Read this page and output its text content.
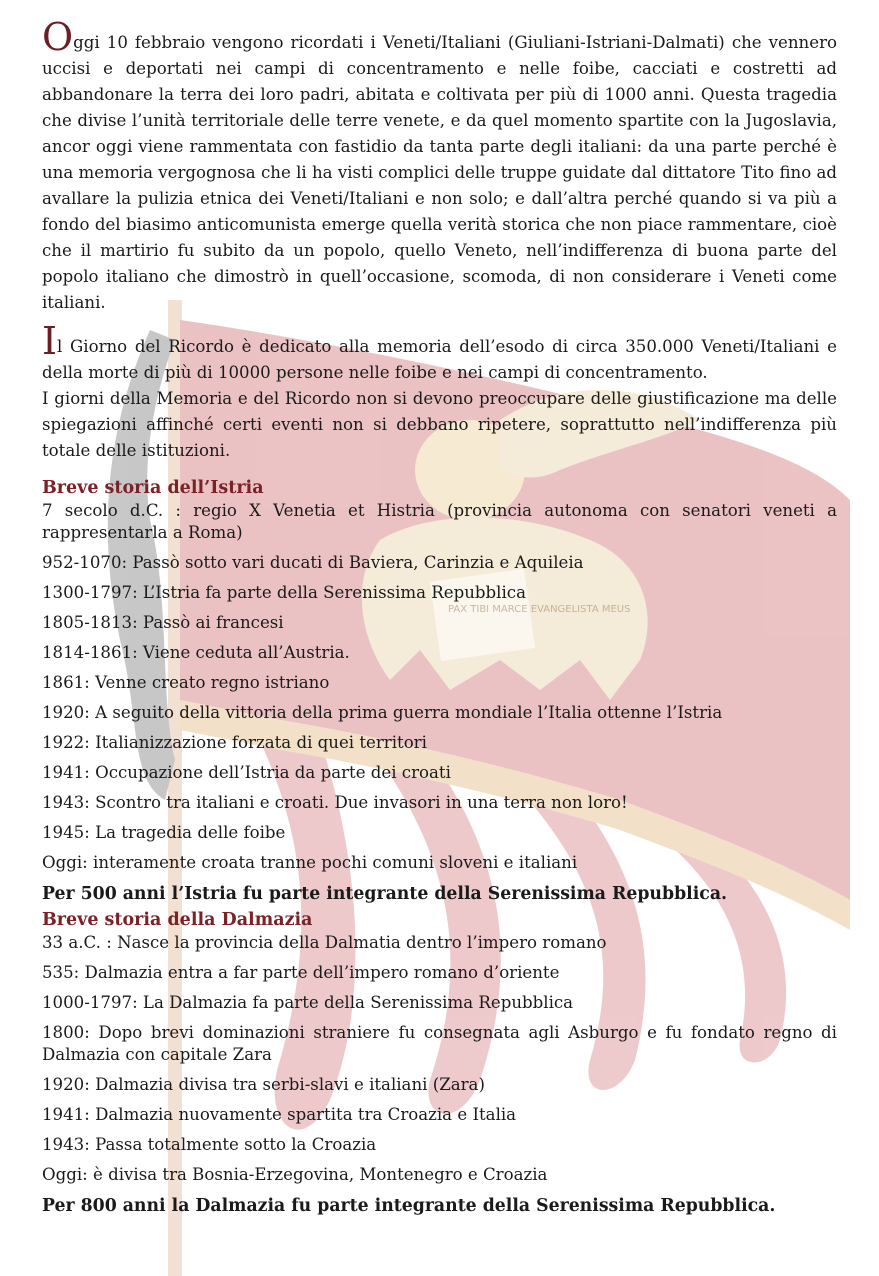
PAX TIBI MARCE EVANGELISTA MEUS

Oggi 10 febbraio vengono ricordati i Veneti/Italiani (Giuliani-Istriani-Dalmati) che vennero uccisi e deportati nei campi di concentramento e nelle foibe, cacciati e costretti ad abbandonare la terra dei loro padri, abitata e coltivata per più di 1000 anni. Questa tragedia che divise l’unità territoriale delle terre venete, e da quel momento spartite con la Jugoslavia, ancor oggi viene rammentata con fastidio da tanta parte degli italiani: da una parte perché è una memoria vergognosa che li ha visti complici delle truppe guidate dal dittatore Tito fino ad avallare la pulizia etnica dei Veneti/Italiani e non solo; e dall’altra perché quando si va più a fondo del biasimo anticomunista emerge quella verità storica che non piace rammentare, cioè che il martirio fu subito da un popolo, quello Veneto, nell’indifferenza di buona parte del popolo italiano che dimostrò in quell’occasione, scomoda, di non considerare i Veneti come italiani.

Il Giorno del Ricordo è dedicato alla memoria dell’esodo di circa 350.000 Veneti/Italiani e della morte di più di 10000 persone nelle foibe e nei campi di concentramento.

I giorni della Memoria e del Ricordo non si devono preoccupare delle giustificazione ma delle spiegazioni affinché certi eventi non si debbano ripetere, soprattutto nell’indifferenza più totale delle istituzioni.

Breve storia dell’Istria
7 secolo d.C. : regio X Venetia et Histria (provincia autonoma con senatori veneti a rappresentarla a Roma)
952-1070: Passò sotto vari ducati di Baviera, Carinzia e Aquileia
1300-1797: L’Istria fa parte della Serenissima Repubblica
1805-1813: Passò ai francesi
1814-1861: Viene ceduta all’Austria.
1861: Venne creato regno istriano
1920: A seguito della vittoria della prima guerra mondiale l’Italia ottenne l’Istria
1922: Italianizzazione forzata di quei territori
1941: Occupazione dell’Istria da parte dei croati
1943: Scontro tra italiani e croati. Due invasori in una terra non loro!
1945: La tragedia delle foibe
Oggi: interamente croata tranne pochi comuni sloveni e italiani

Per 500 anni l’Istria fu parte integrante della Serenissima Repubblica.

Breve storia della Dalmazia
33 a.C. : Nasce la provincia della Dalmatia dentro l’impero romano
535: Dalmazia entra a far parte dell’impero romano d’oriente
1000-1797: La Dalmazia fa parte della Serenissima Repubblica
1800: Dopo brevi dominazioni straniere fu consegnata agli Asburgo e fu fondato regno di Dalmazia con capitale Zara
1920: Dalmazia divisa tra serbi-slavi e italiani (Zara)
1941: Dalmazia nuovamente spartita tra Croazia e Italia
1943: Passa totalmente sotto la Croazia
Oggi: è divisa tra Bosnia-Erzegovina, Montenegro e Croazia

Per 800 anni la Dalmazia fu parte integrante della Serenissima Repubblica.
